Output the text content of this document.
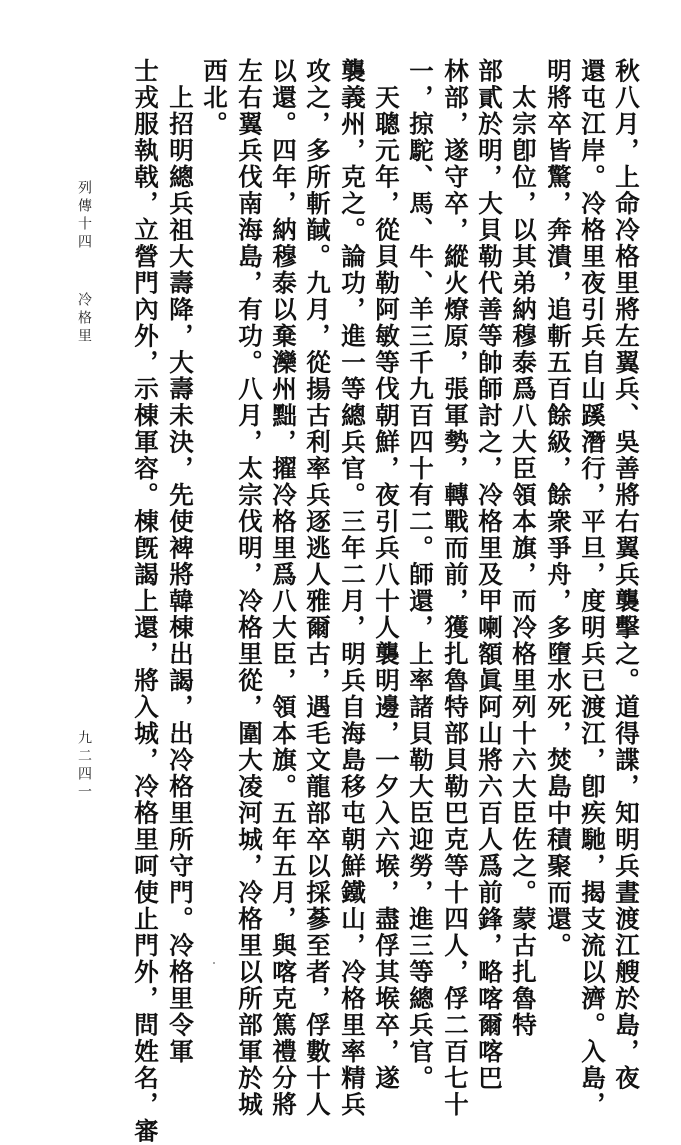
秋八月，上命冷格里將左翼兵、吳善將右翼兵襲擊之。道得諜，知明兵晝渡江艘於島，夜
還屯江岸。冷格里夜引兵自山蹊潛行，平旦，度明兵已渡江，卽疾馳，揭支流以濟。入島，
明將卒皆驚，奔潰，追斬五百餘級，餘衆爭舟，多墮水死，焚島中積聚而還。
　太宗卽位，以其弟納穆泰爲八大臣領本旗，而冷格里列十六大臣佐之。蒙古扎魯特
部貳於明，大貝勒代善等帥師討之，冷格里及甲喇額眞阿山將六百人爲前鋒，略喀爾喀巴
林部，遂守卒，縱火燎原，張軍勢，轉戰而前，獲扎魯特部貝勒巴克等十四人，俘二百七十
一，掠駝、馬、牛、羊三千九百四十有二。師還，上率諸貝勒大臣迎勞，進三等總兵官。
　天聰元年，從貝勒阿敏等伐朝鮮，夜引兵八十人襲明邊，一夕入六堠，盡俘其堠卒，遂
襲義州，克之。論功，進一等總兵官。三年二月，明兵自海島移屯朝鮮鐵山，冷格里率精兵
攻之，多所斬馘。九月，從揚古利率兵逐逃人雅爾古，遇毛文龍部卒以採蔘至者，俘數十人
以還。四年，納穆泰以棄灤州黜，擢冷格里爲八大臣，領本旗。五年五月，與喀克篤禮分將
左右翼兵伐南海島，有功。八月，太宗伐明，冷格里從，圍大凌河城，冷格里以所部軍於城
西北。
　上招明總兵祖大壽降，大壽未決，先使裨將韓棟出謁，出冷格里所守門。冷格里令軍
士戎服執戟，立營門內外，示棟軍容。棟旣謁上還，將入城，冷格里呵使止門外，問姓名，審
列傳十四
冷格里
九二四一
